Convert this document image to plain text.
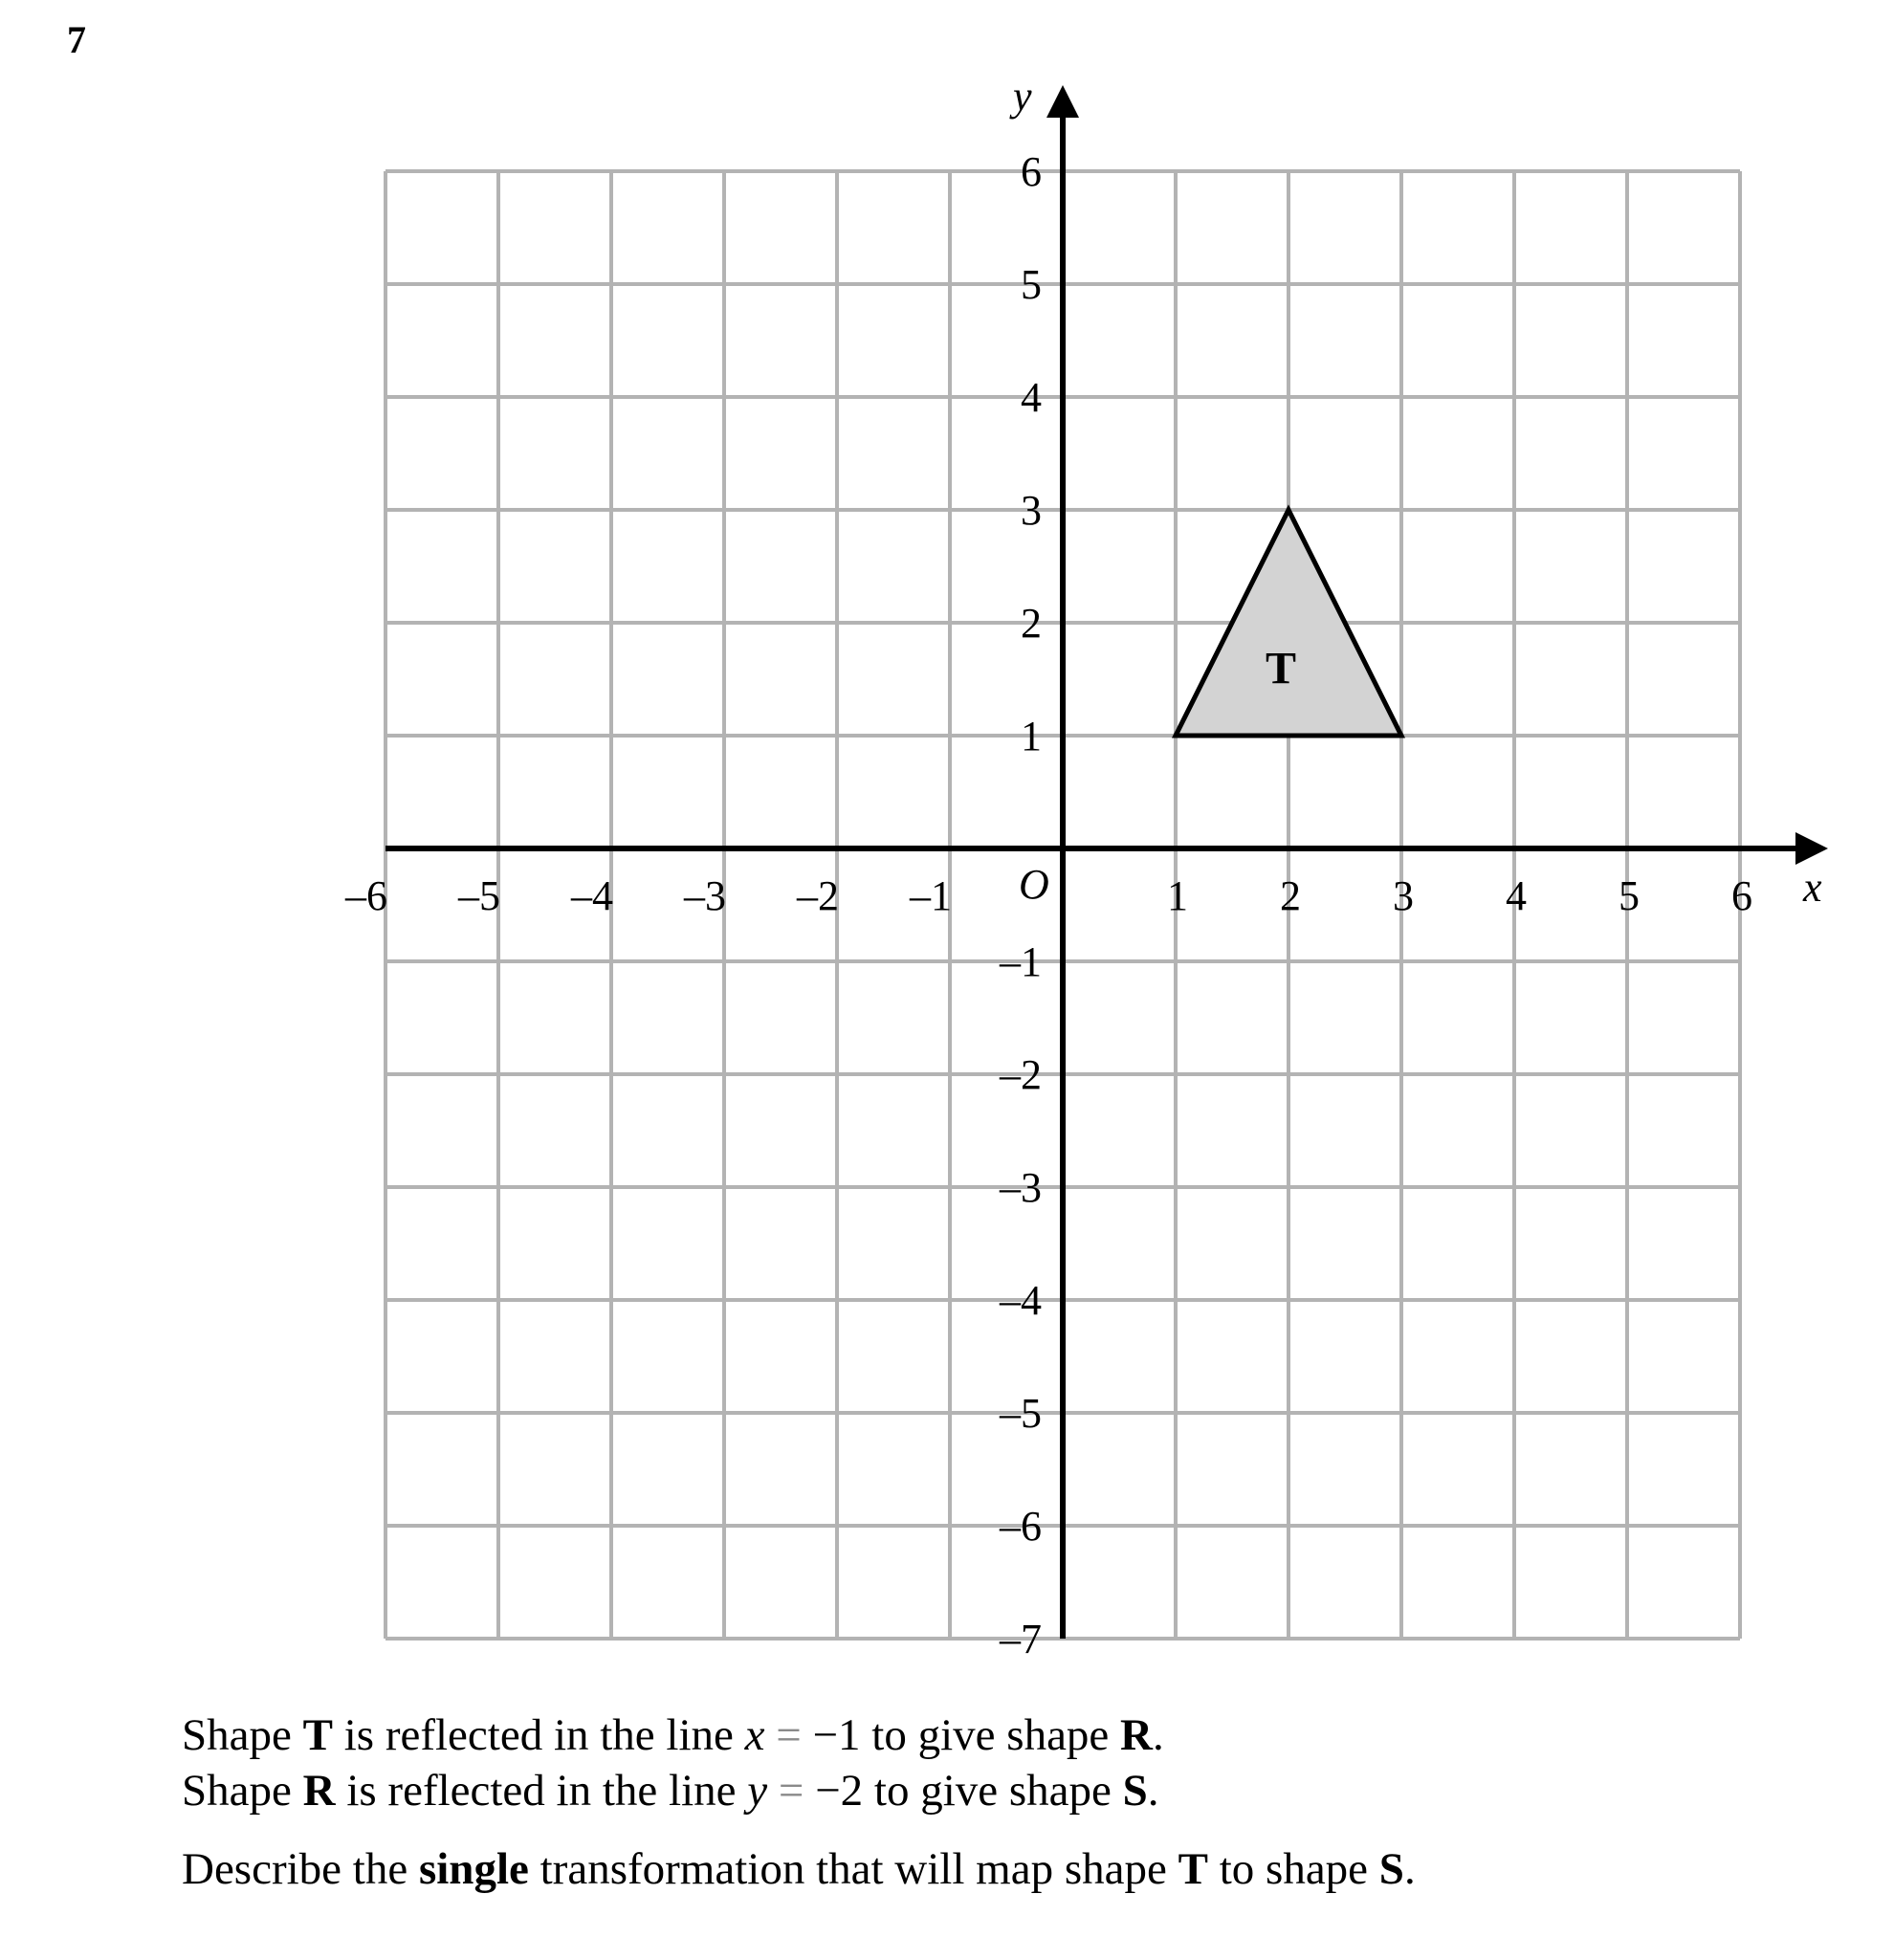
7
T
x
y
O
–6 –5 –4 –3 –2 –1	1 2 3 4 5 6
6
5
4
3
2
1
–1
–2
–3
–4
–5
–6
–7
Shape T is reflected in the line x = −1 to give shape R.
Shape R is reflected in the line y = −2 to give shape S.
Describe the single transformation that will map shape T to shape S.
